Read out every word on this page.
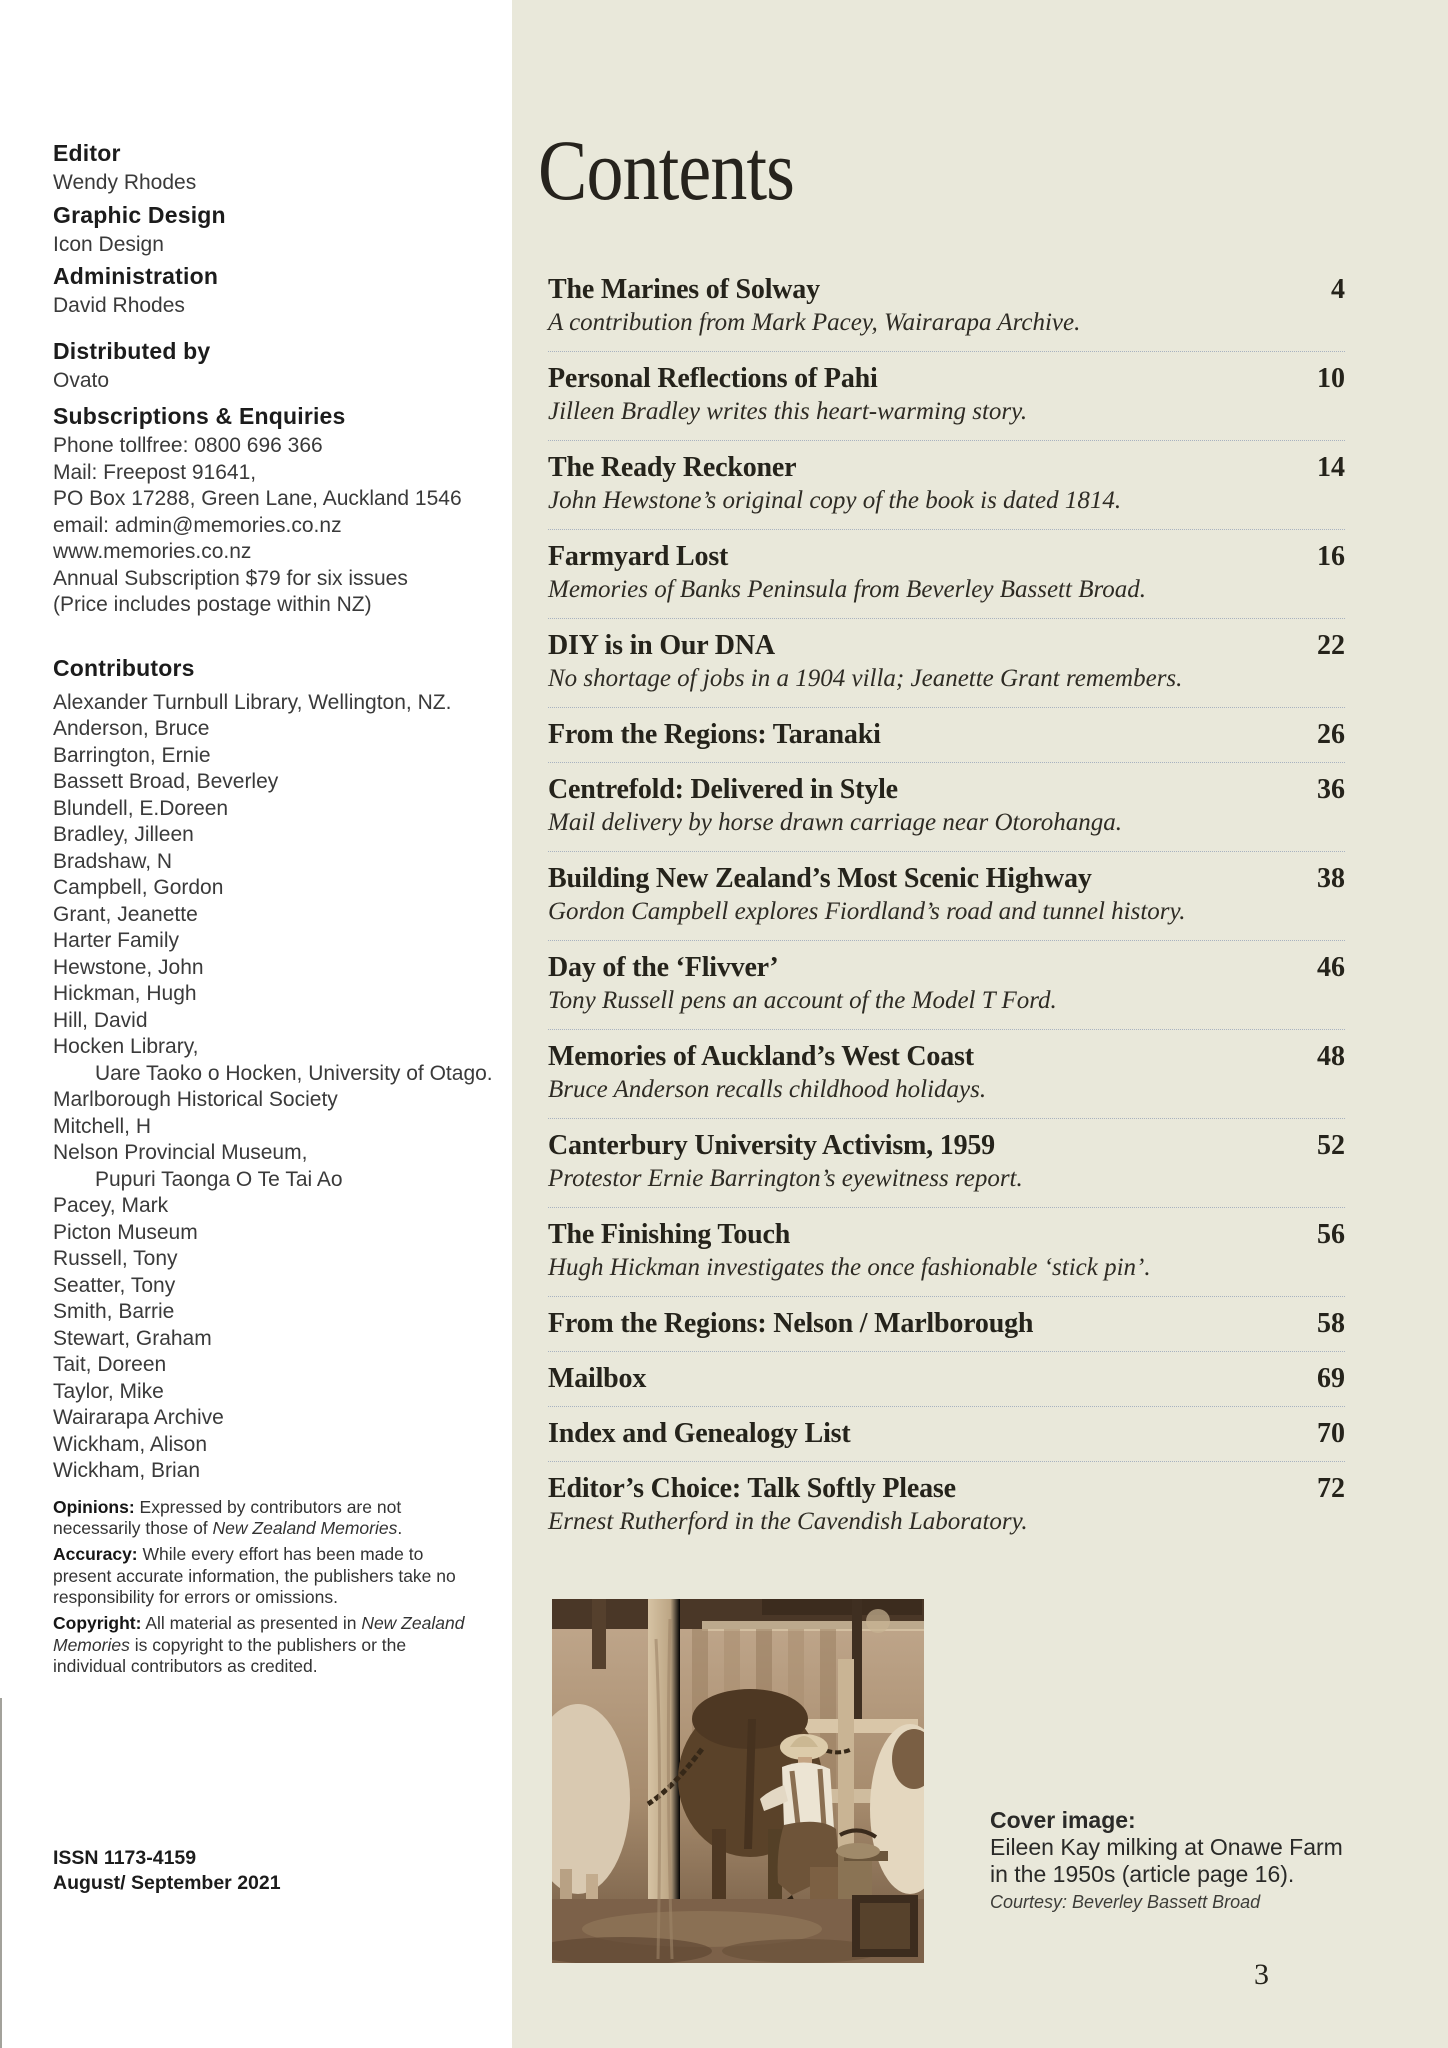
Editor

Wendy Rhodes

Graphic Design

Icon Design

Administration

David Rhodes

Distributed by

Ovato

Subscriptions & Enquiries

Phone tollfree: 0800 696 366

Mail: Freepost 91641,

PO Box 17288, Green Lane, Auckland 1546

email: admin@memories.co.nz

www.memories.co.nz

Annual Subscription $79 for six issues

(Price includes postage within NZ)

Contributors

Alexander Turnbull Library, Wellington, NZ.

Anderson, Bruce

Barrington, Ernie

Bassett Broad, Beverley

Blundell, E.Doreen

Bradley, Jilleen

Bradshaw, N

Campbell, Gordon

Grant, Jeanette

Harter Family

Hewstone, John

Hickman, Hugh

Hill, David

Hocken Library,

Uare Taoko o Hocken, University of Otago.

Marlborough Historical Society

Mitchell, H

Nelson Provincial Museum,

Pupuri Taonga O Te Tai Ao

Pacey, Mark

Picton Museum

Russell, Tony

Seatter, Tony

Smith, Barrie

Stewart, Graham

Tait, Doreen

Taylor, Mike

Wairarapa Archive

Wickham, Alison

Wickham, Brian

Opinions: Expressed by contributors are not necessarily those of New Zealand Memories.

Accuracy: While every effort has been made to present accurate information, the publishers take no responsibility for errors or omissions.

Copyright: All material as presented in New Zealand Memories is copyright to the publishers or the individual contributors as credited.

ISSN 1173-4159

August/ September 2021

Contents
The Marines of Solway	4
A contribution from Mark Pacey, Wairarapa Archive.
Personal Reflections of Pahi	10
Jilleen Bradley writes this heart-warming story.
The Ready Reckoner	14
John Hewstone’s original copy of the book is dated 1814.
Farmyard Lost	16
Memories of Banks Peninsula from Beverley Bassett Broad.
DIY is in Our DNA	22
No shortage of jobs in a 1904 villa; Jeanette Grant remembers.
From the Regions: Taranaki	26
Centrefold: Delivered in Style	36
Mail delivery by horse drawn carriage near Otorohanga.
Building New Zealand’s Most Scenic Highway	38
Gordon Campbell explores Fiordland’s road and tunnel history.
Day of the ‘Flivver’	46
Tony Russell pens an account of the Model T Ford.
Memories of Auckland’s West Coast	48
Bruce Anderson recalls childhood holidays.
Canterbury University Activism, 1959	52
Protestor Ernie Barrington’s eyewitness report.
The Finishing Touch	56
Hugh Hickman investigates the once fashionable ‘stick pin’.
From the Regions: Nelson / Marlborough	58
Mailbox	69
Index and Genealogy List	70
Editor’s Choice: Talk Softly Please	72
Ernest Rutherford in the Cavendish Laboratory.

Cover image:

Eileen Kay milking at Onawe Farm

in the 1950s (article page 16).

Courtesy: Beverley Bassett Broad

3
